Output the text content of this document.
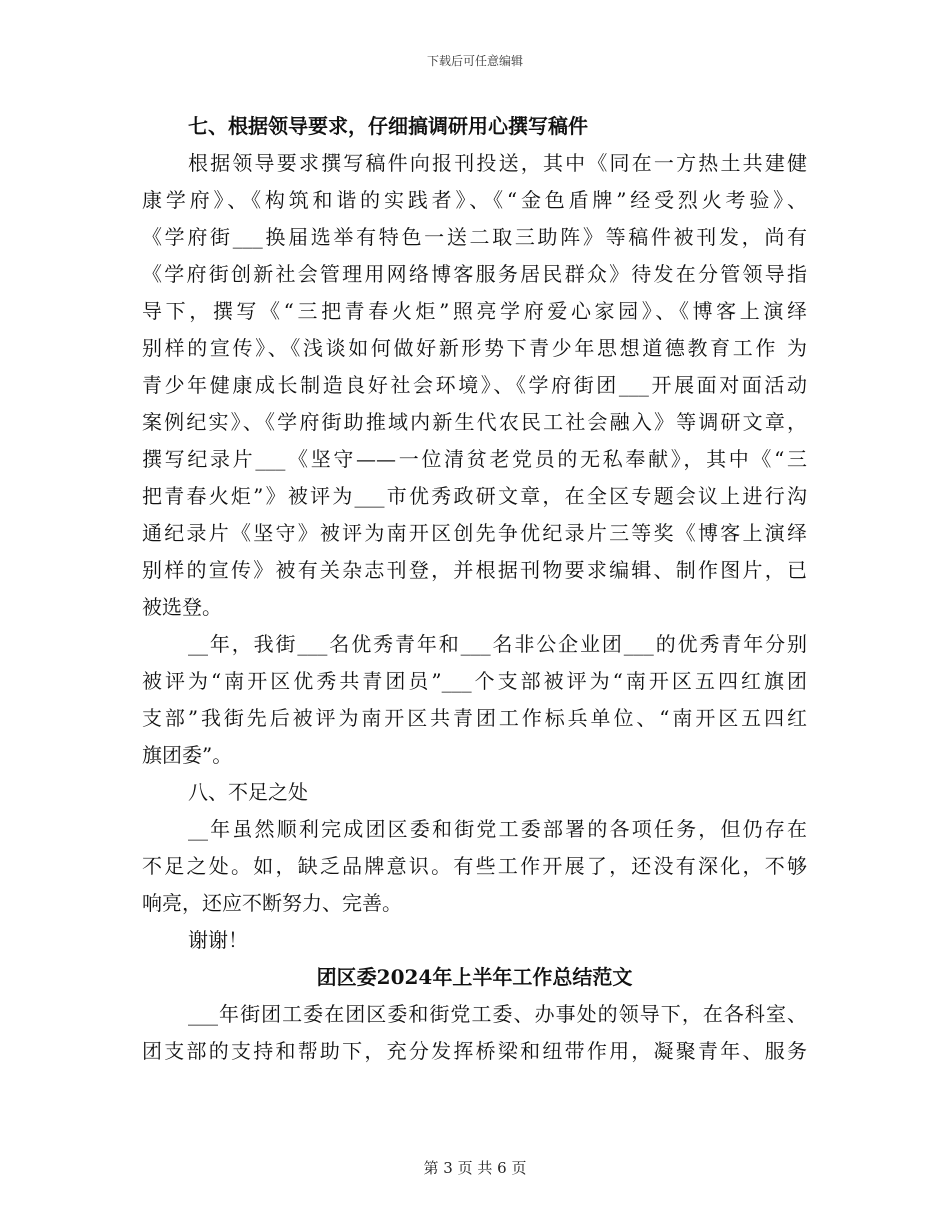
下载后可任意编辑

七、根据领导要求，仔细搞调研用心撰写稿件

根据领导要求撰写稿件向报刊投送，其中《同在一方热土共建健

康学府》、《构筑和谐的实践者》、《“金色盾牌”经受烈火考验》、

《学府街___换届选举有特色一送二取三助阵》等稿件被刊发，尚有

《学府街创新社会管理用网络博客服务居民群众》待发在分管领导指

导下，撰写《“三把青春火炬”照亮学府爱心家园》、《博客上演绎

别样的宣传》、《浅谈如何做好新形势下青少年思想道德教育工作 为

青少年健康成长制造良好社会环境》、《学府街团___开展面对面活动

案例纪实》、《学府街助推域内新生代农民工社会融入》等调研文章，

撰写纪录片___《坚守——一位清贫老党员的无私奉献》，其中《“三

把青春火炬”》被评为___市优秀政研文章，在全区专题会议上进行沟

通纪录片《坚守》被评为南开区创先争优纪录片三等奖《博客上演绎

别样的宣传》被有关杂志刊登，并根据刊物要求编辑、制作图片，已

被选登。

__年，我街___名优秀青年和___名非公企业团___的优秀青年分别

被评为“南开区优秀共青团员”___个支部被评为“南开区五四红旗团

支部”我街先后被评为南开区共青团工作标兵单位、“南开区五四红

旗团委”。

八、不足之处

__年虽然顺利完成团区委和街党工委部署的各项任务，但仍存在

不足之处。如，缺乏品牌意识。有些工作开展了，还没有深化，不够

响亮，还应不断努力、完善。

谢谢！

团区委2024年上半年工作总结范文

___年街团工委在团区委和街党工委、办事处的领导下，在各科室、

团支部的支持和帮助下，充分发挥桥梁和纽带作用，凝聚青年、服务

第 3 页 共 6 页
